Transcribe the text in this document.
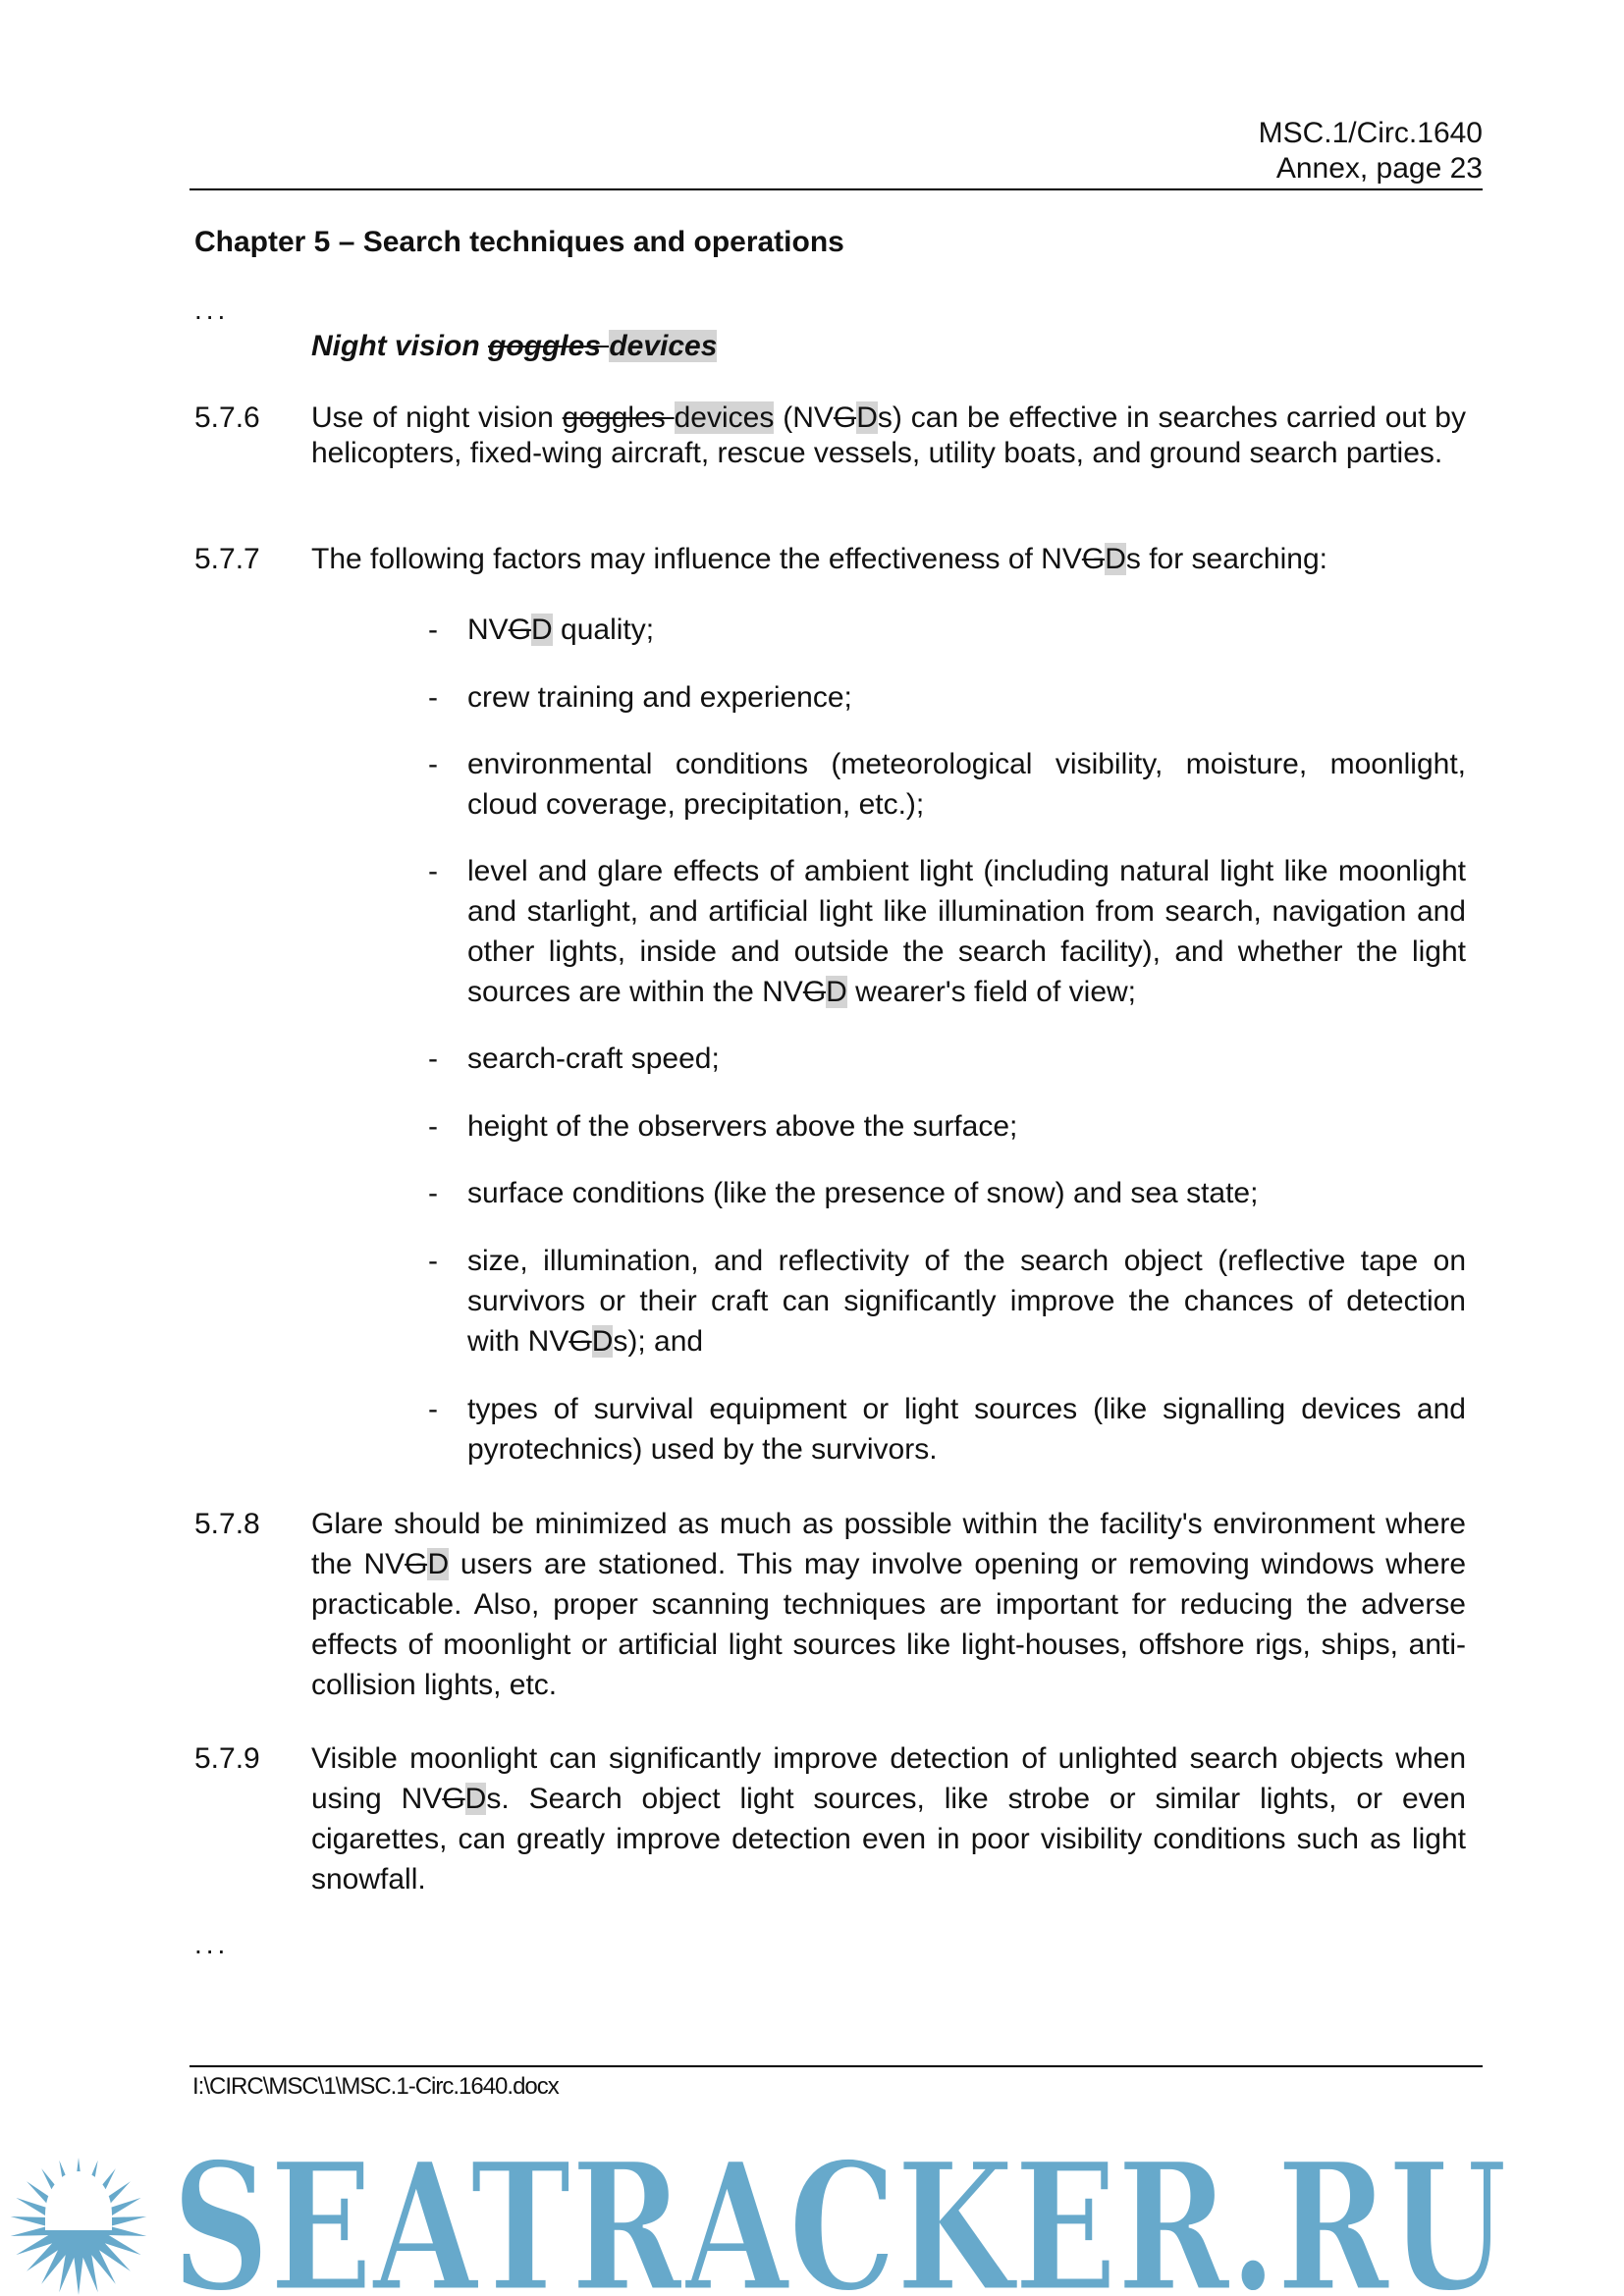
MSC.1/Circ.1640
Annex, page 23
Chapter 5 – Search techniques and operations
...
Night vision goggles devices
5.7.6 Use of night vision goggles devices (NVGDs) can be effective in searches carried out by helicopters, fixed-wing aircraft, rescue vessels, utility boats, and ground search parties.
5.7.7 The following factors may influence the effectiveness of NVGDs for searching:
- NVGD quality;
- crew training and experience;
- environmental conditions (meteorological visibility, moisture, moonlight, cloud coverage, precipitation, etc.);
- level and glare effects of ambient light (including natural light like moonlight and starlight, and artificial light like illumination from search, navigation and other lights, inside and outside the search facility), and whether the light sources are within the NVGD wearer's field of view;
- search-craft speed;
- height of the observers above the surface;
- surface conditions (like the presence of snow) and sea state;
- size, illumination, and reflectivity of the search object (reflective tape on survivors or their craft can significantly improve the chances of detection with NVGDs); and
- types of survival equipment or light sources (like signalling devices and pyrotechnics) used by the survivors.
5.7.8 Glare should be minimized as much as possible within the facility's environment where the NVGD users are stationed. This may involve opening or removing windows where practicable. Also, proper scanning techniques are important for reducing the adverse effects of moonlight or artificial light sources like light-houses, offshore rigs, ships, anti-collision lights, etc.
5.7.9 Visible moonlight can significantly improve detection of unlighted search objects when using NVGDs. Search object light sources, like strobe or similar lights, or even cigarettes, can greatly improve detection even in poor visibility conditions such as light snowfall.
...
I:\CIRC\MSC\1\MSC.1-Circ.1640.docx
SEATRACKER.RU
